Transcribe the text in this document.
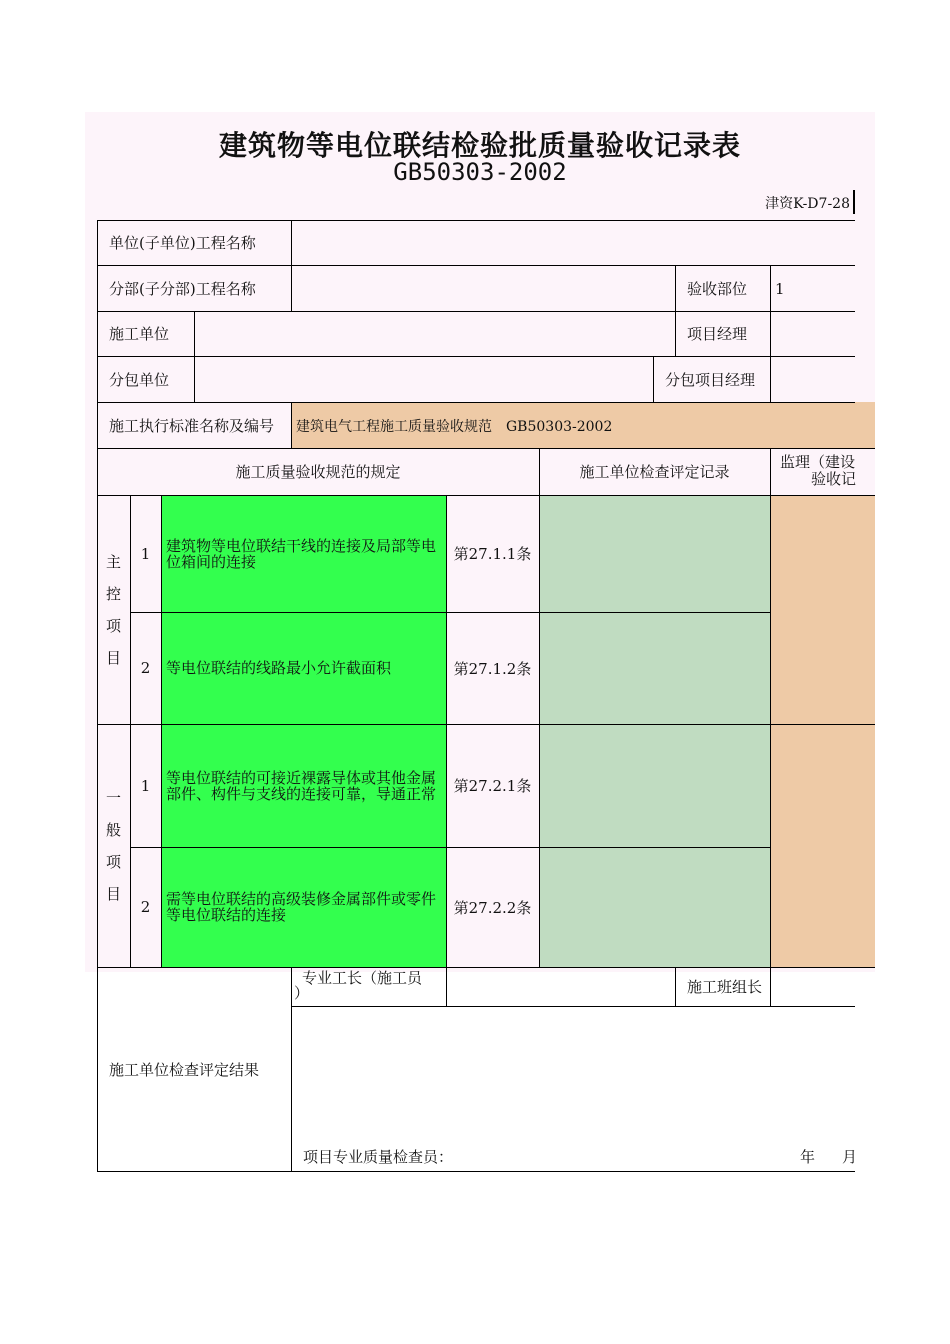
建筑物等电位联结检验批质量验收记录表
GB50303-2002
津资K-D7-28
单位(子单位)工程名称
分部(子分部)工程名称	验收部位	1
施工单位	项目经理
分包单位	分包项目经理
施工执行标准名称及编号	建筑电气工程施工质量验收规范　GB50303-2002
施工质量验收规范的规定	施工单位检查评定记录
监理（建设
验收记
主
控
项
目
1	建筑物等电位联结干线的连接及局部等电位箱间的连接	第27.1.1条
2	等电位联结的线路最小允许截面积	第27.1.2条
一
般
项
目
1	等电位联结的可接近裸露导体或其他金属部件、构件与支线的连接可靠，导通正常	第27.2.1条
2	需等电位联结的高级装修金属部件或零件等电位联结的连接	第27.2.2条
施工单位检查评定结果
专业工长（施工员
）	施工班组长
项目专业质量检查员：	年	月
